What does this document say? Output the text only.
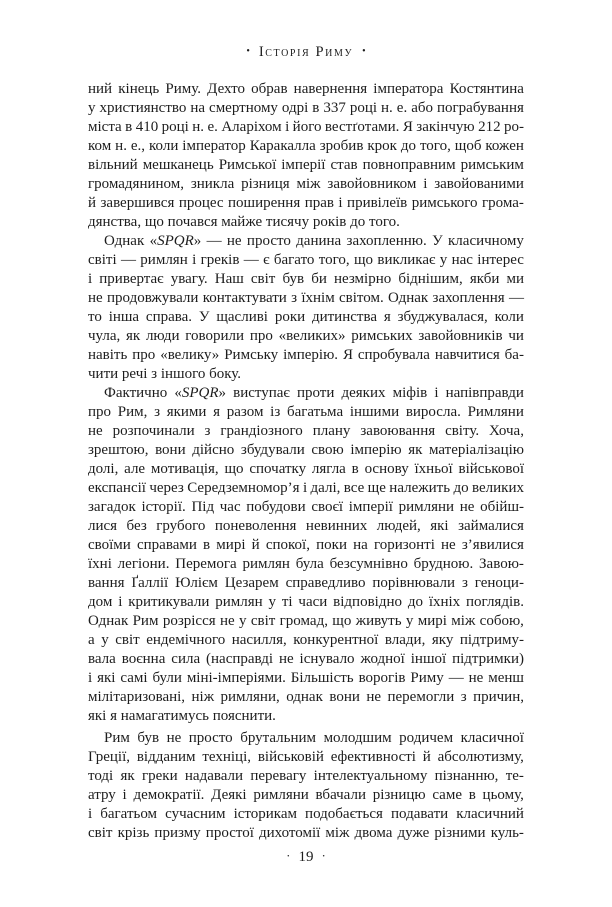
• Історія Риму •
ний кінець Риму. Дехто обрав навернення імператора Костянтина
у християнство на смертному одрі в 337 році н. е. або пограбування
міста в 410 році н. е. Аларіхом і його вестґотами. Я закінчую 212 ро-
ком н. е., коли імператор Каракалла зробив крок до того, щоб кожен
вільний мешканець Римської імперії став повноправним римським
громадянином, зникла різниця між завойовником і завойованими
й завершився процес поширення прав і привілеїв римського грома-
дянства, що почався майже тисячу років до того.
Однак «SPQR» — не просто данина захопленню. У класичному
світі — римлян і греків — є багато того, що викликає у нас інтерес
і привертає увагу. Наш світ був би незмірно біднішим, якби ми
не продовжували контактувати з їхнім світом. Однак захоплення —
то інша справа. У щасливі роки дитинства я збуджувалася, коли
чула, як люди говорили про «великих» римських завойовників чи
навіть про «велику» Римську імперію. Я спробувала навчитися ба-
чити речі з іншого боку.
Фактично «SPQR» виступає проти деяких міфів і напівправди
про Рим, з якими я разом із багатьма іншими виросла. Римляни
не розпочинали з грандіозного плану завоювання світу. Хоча,
зрештою, вони дійсно збудували свою імперію як матеріалізацію
долі, але мотивація, що спочатку лягла в основу їхньої військової
експансії через Середземномор’я і далі, все ще належить до великих
загадок історії. Під час побудови своєї імперії римляни не обійш-
лися без грубого поневолення невинних людей, які займалися
своїми справами в мирі й спокої, поки на горизонті не з’явилися
їхні легіони. Перемога римлян була безсумнівно брудною. Завою-
вання Ґаллії Юлієм Цезарем справедливо порівнювали з геноци-
дом і критикували римлян у ті часи відповідно до їхніх поглядів.
Однак Рим розрісся не у світ громад, що живуть у мирі між собою,
а у світ ендемічного насилля, конкурентної влади, яку підтриму-
вала воєнна сила (насправді не існувало жодної іншої підтримки)
і які самі були міні-імперіями. Більшість ворогів Риму — не менш
мілітаризовані, ніж римляни, однак вони не перемогли з причин,
які я намагатимусь пояснити.
Рим був не просто брутальним молодшим родичем класичної
Греції, відданим техніці, військовій ефективності й абсолютизму,
тоді як греки надавали перевагу інтелектуальному пізнанню, те-
атру і демократії. Деякі римляни вбачали різницю саме в цьому,
і багатьом сучасним історикам подобається подавати класичний
світ крізь призму простої дихотомії між двома дуже різними куль-
· 19 ·
